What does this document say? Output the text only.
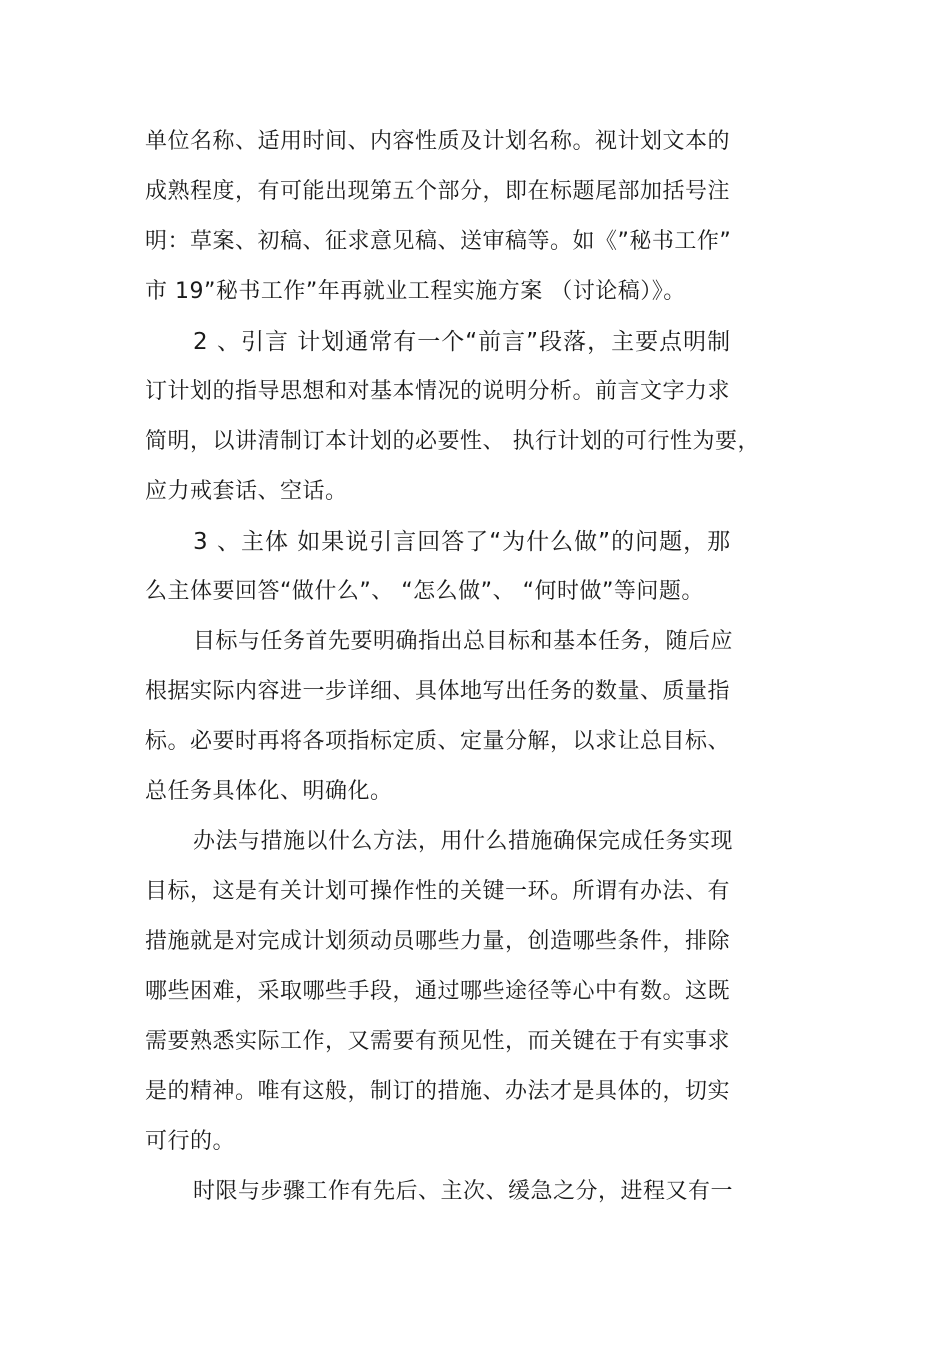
单位名称、适用时间、内容性质及计划名称。视计划文本的
成熟程度，有可能出现第五个部分，即在标题尾部加括号注
明：草案、初稿、征求意见稿、送审稿等。如《”秘书工作”
市 19”秘书工作”年再就业工程实施方案 （讨论稿）》。
2 、引言 计划通常有一个“前言”段落，主要点明制
订计划的指导思想和对基本情况的说明分析。前言文字力求
简明，以讲清制订本计划的必要性、 执行计划的可行性为要，
应力戒套话、空话。
3 、主体 如果说引言回答了“为什么做”的问题，那
么主体要回答“做什么”、 “怎么做”、 “何时做”等问题。
目标与任务首先要明确指出总目标和基本任务，随后应
根据实际内容进一步详细、具体地写出任务的数量、质量指
标。必要时再将各项指标定质、定量分解，以求让总目标、
总任务具体化、明确化。
办法与措施以什么方法，用什么措施确保完成任务实现
目标，这是有关计划可操作性的关键一环。所谓有办法、有
措施就是对完成计划须动员哪些力量，创造哪些条件，排除
哪些困难，采取哪些手段，通过哪些途径等心中有数。这既
需要熟悉实际工作，又需要有预见性，而关键在于有实事求
是的精神。唯有这般，制订的措施、办法才是具体的，切实
可行的。
时限与步骤工作有先后、主次、缓急之分，进程又有一
